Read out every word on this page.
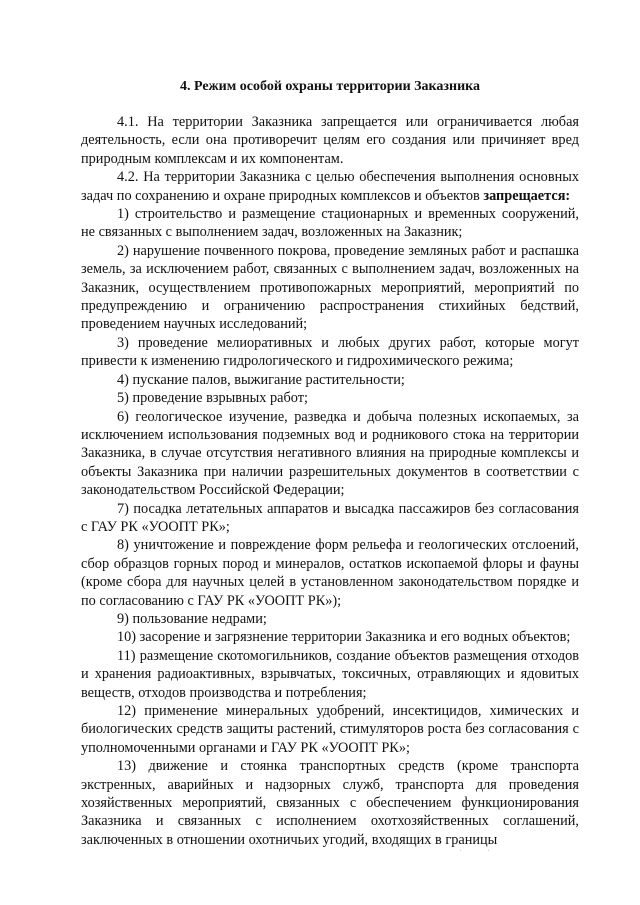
4. Режим особой охраны территории Заказника

4.1. На территории Заказника запрещается или ограничивается любая деятельность, если она противоречит целям его создания или причиняет вред природным комплексам и их компонентам.

4.2. На территории Заказника с целью обеспечения выполнения основных задач по сохранению и охране природных комплексов и объектов запрещается:

1) строительство и размещение стационарных и временных сооружений, не связанных с выполнением задач, возложенных на Заказник;

2) нарушение почвенного покрова, проведение земляных работ и распашка земель, за исключением работ, связанных с выполнением задач, возложенных на Заказник, осуществлением противопожарных мероприятий, мероприятий по предупреждению и ограничению распространения стихийных бедствий, проведением научных исследований;

3) проведение мелиоративных и любых других работ, которые могут привести к изменению гидрологического и гидрохимического режима;

4) пускание палов, выжигание растительности;

5) проведение взрывных работ;

6) геологическое изучение, разведка и добыча полезных ископаемых, за исключением использования подземных вод и родникового стока на территории Заказника, в случае отсутствия негативного влияния на природные комплексы и объекты Заказника при наличии разрешительных документов в соответствии с законодательством Российской Федерации;

7) посадка летательных аппаратов и высадка пассажиров без согласования с ГАУ РК «УООПТ РК»;

8) уничтожение и повреждение форм рельефа и геологических отслоений, сбор образцов горных пород и минералов, остатков ископаемой флоры и фауны (кроме сбора для научных целей в установленном законодательством порядке и по согласованию с ГАУ РК «УООПТ РК»);

9) пользование недрами;

10) засорение и загрязнение территории Заказника и его водных объектов;

11) размещение скотомогильников, создание объектов размещения отходов и хранения радиоактивных, взрывчатых, токсичных, отравляющих и ядовитых веществ, отходов производства и потребления;

12) применение минеральных удобрений, инсектицидов, химических и биологических средств защиты растений, стимуляторов роста без согласования с уполномоченными органами и ГАУ РК «УООПТ РК»;

13) движение и стоянка транспортных средств (кроме транспорта экстренных, аварийных и надзорных служб, транспорта для проведения хозяйственных мероприятий, связанных с обеспечением функционирования Заказника и связанных с исполнением охотхозяйственных соглашений, заключенных в отношении охотничьих угодий, входящих в границы

· ·
